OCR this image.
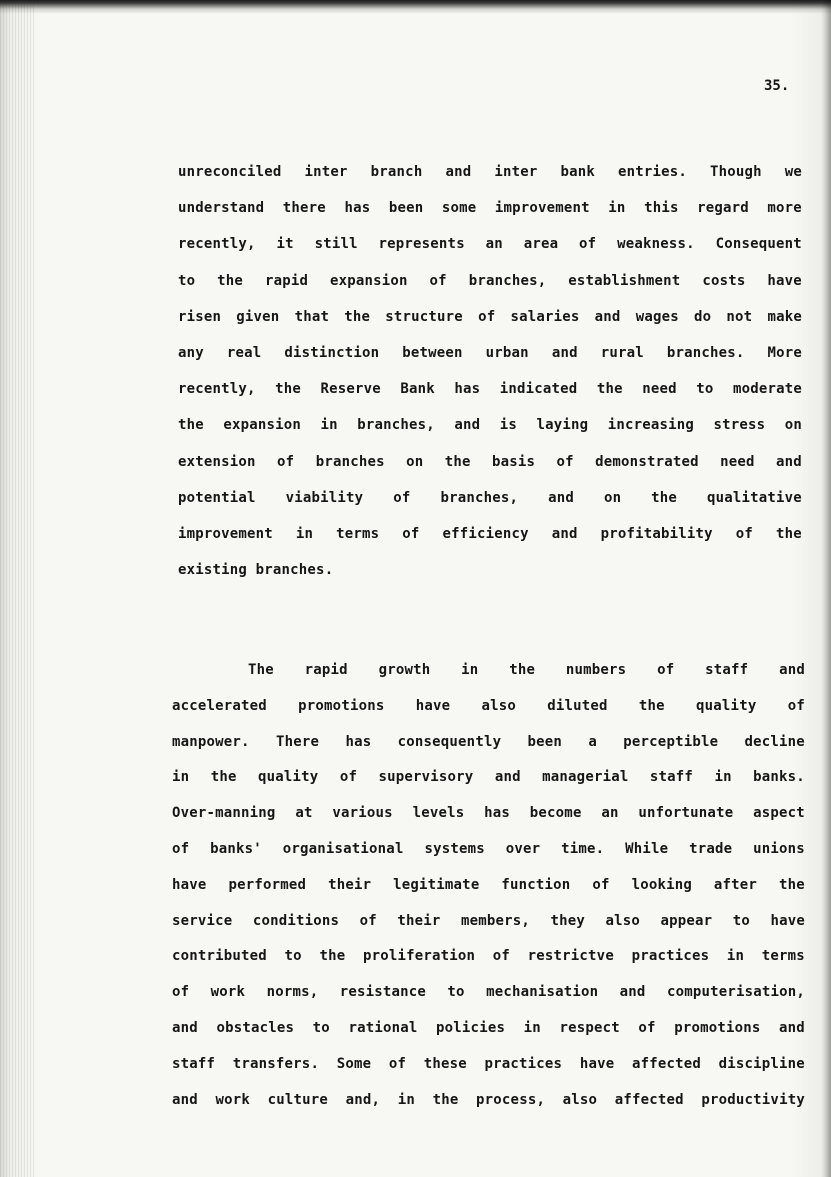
35.
unreconciled inter branch and inter bank entries. Though we
understand there has been some improvement in this regard more
recently, it still represents an area of weakness. Consequent
to the rapid expansion of branches, establishment costs have
risen given that the structure of salaries and wages do not make
any real distinction between urban and rural branches. More
recently, the Reserve Bank has indicated the need to moderate
the expansion in branches, and is laying increasing stress on
extension of branches on the basis of demonstrated need and
potential viability of branches, and on the qualitative
improvement in terms of efficiency and profitability of the
existing branches.
The rapid growth in the numbers of staff and
accelerated promotions have also diluted the quality of
manpower. There has consequently been a perceptible decline
in the quality of supervisory and managerial staff in banks.
Over-manning at various levels has become an unfortunate aspect
of banks' organisational systems over time. While trade unions
have performed their legitimate function of looking after the
service conditions of their members, they also appear to have
contributed to the proliferation of restrictve practices in terms
of work norms, resistance to mechanisation and computerisation,
and obstacles to rational policies in respect of promotions and
staff transfers. Some of these practices have affected discipline
and work culture and, in the process, also affected productivity
